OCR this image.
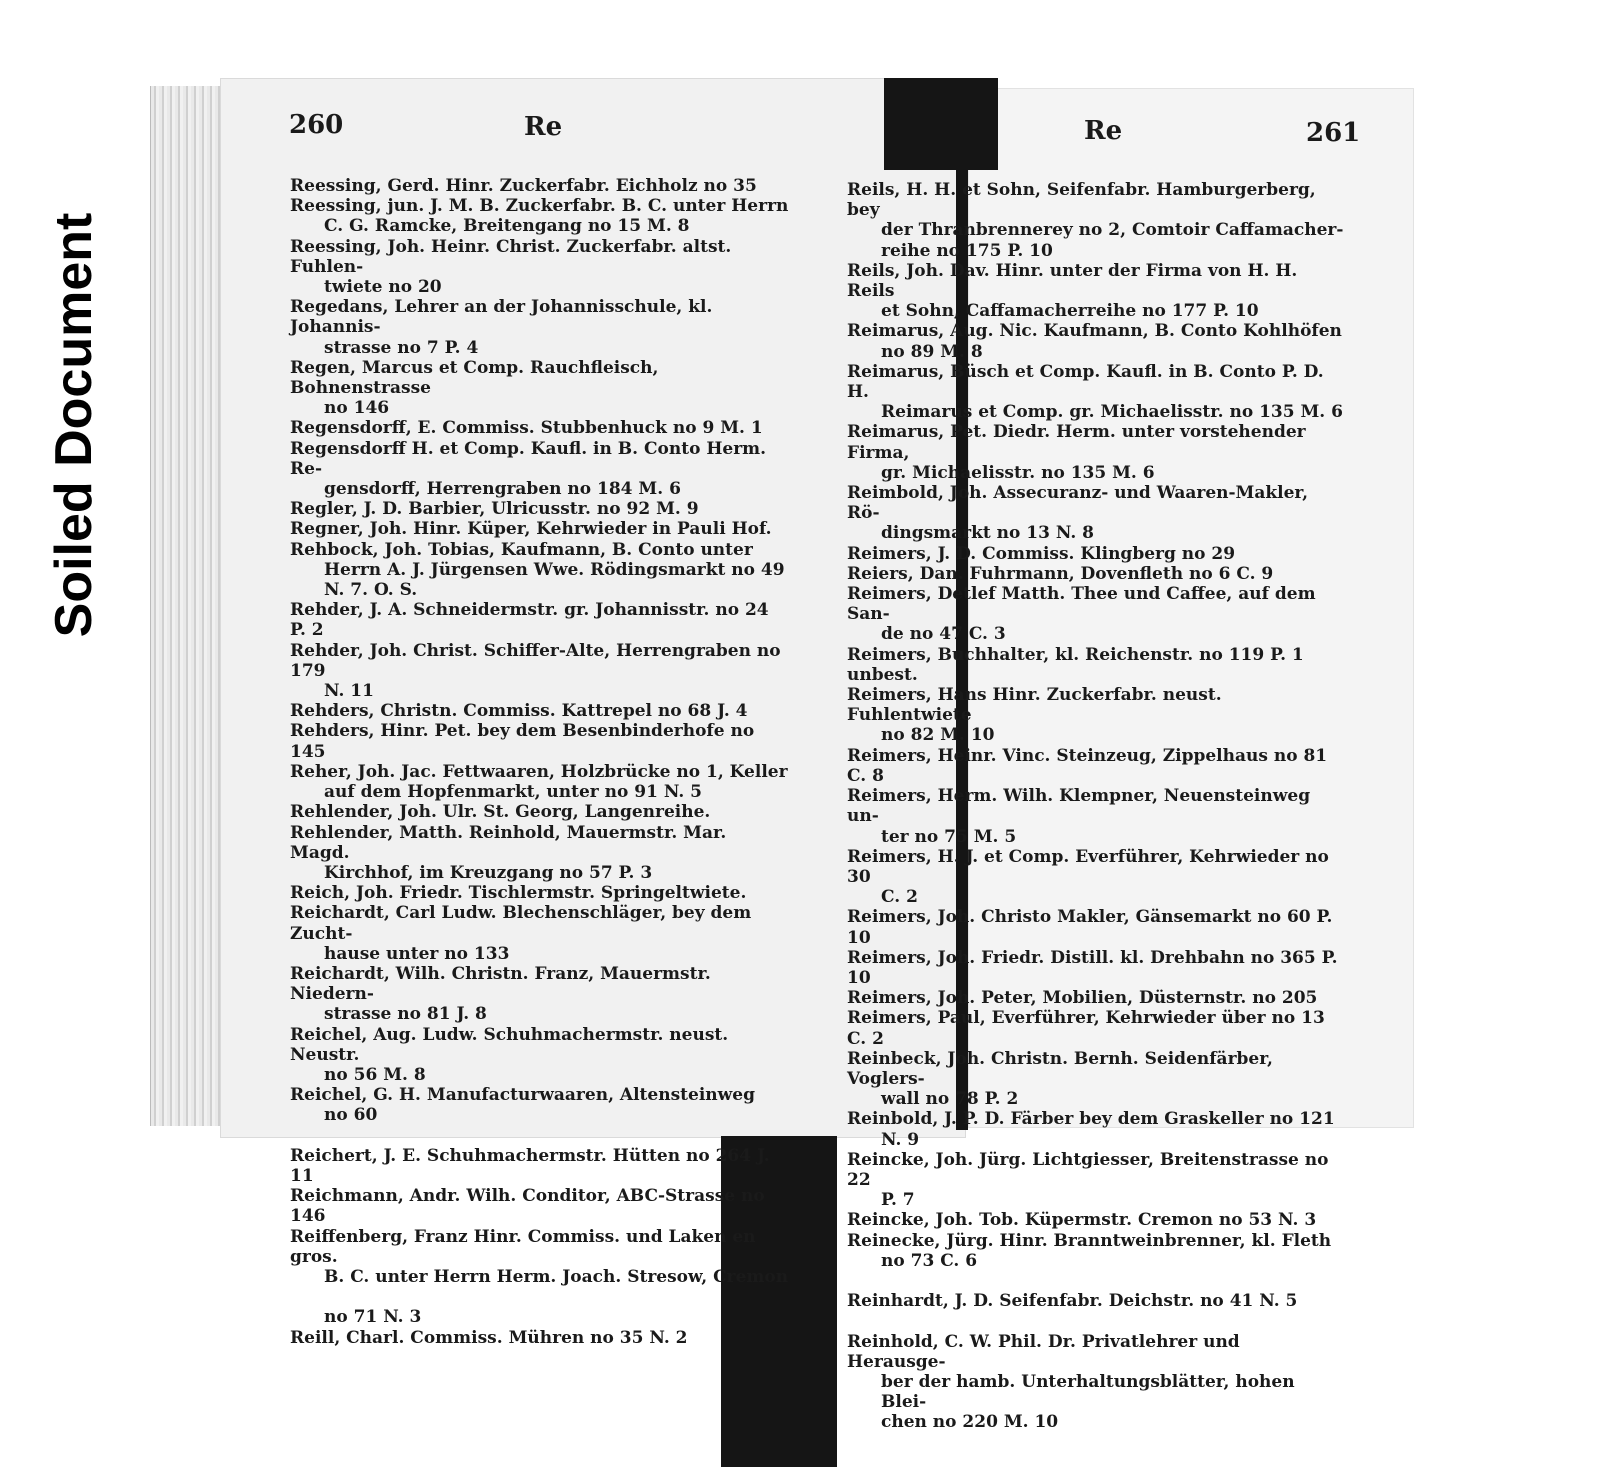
Soiled Document
260	Re	Re	261

Reessing, Gerd. Hinr. Zuckerfabr. Eichholz no 35

Reessing, jun. J. M. B. Zuckerfabr. B. C. unter Herrn

C. G. Ramcke, Breitengang no 15 M. 8

Reessing, Joh. Heinr. Christ. Zuckerfabr. altst. Fuhlen-

twiete no 20

Regedans, Lehrer an der Johannisschule, kl. Johannis-

strasse no 7 P. 4

Regen, Marcus et Comp. Rauchfleisch, Bohnenstrasse

no 146

Regensdorff, E. Commiss. Stubbenhuck no 9 M. 1

Regensdorff H. et Comp. Kaufl. in B. Conto Herm. Re-

gensdorff, Herrengraben no 184 M. 6

Regler, J. D. Barbier, Ulricusstr. no 92 M. 9

Regner, Joh. Hinr. Küper, Kehrwieder in Pauli Hof.

Rehbock, Joh. Tobias, Kaufmann, B. Conto unter

Herrn A. J. Jürgensen Wwe. Rödingsmarkt no 49

N. 7. O. S.

Rehder, J. A. Schneidermstr. gr. Johannisstr. no 24 P. 2

Rehder, Joh. Christ. Schiffer-Alte, Herrengraben no 179

N. 11

Rehders, Christn. Commiss. Kattrepel no 68 J. 4

Rehders, Hinr. Pet. bey dem Besenbinderhofe no 145

Reher, Joh. Jac. Fettwaaren, Holzbrücke no 1, Keller

auf dem Hopfenmarkt, unter no 91 N. 5

Rehlender, Joh. Ulr. St. Georg, Langenreihe.

Rehlender, Matth. Reinhold, Mauermstr. Mar. Magd.

Kirchhof, im Kreuzgang no 57 P. 3

Reich, Joh. Friedr. Tischlermstr. Springeltwiete.

Reichardt, Carl Ludw. Blechenschläger, bey dem Zucht-

hause unter no 133

Reichardt, Wilh. Christn. Franz, Mauermstr. Niedern-

strasse no 81 J. 8

Reichel, Aug. Ludw. Schuhmachermstr. neust. Neustr.

no 56 M. 8

Reichel, G. H. Manufacturwaaren, Altensteinweg

no 60

Reichert, J. E. Schuhmachermstr. Hütten no 264 J. 11

Reichmann, Andr. Wilh. Conditor, ABC-Strasse no 146

Reiffenberg, Franz Hinr. Commiss. und Laken en gros.

B. C. unter Herrn Herm. Joach. Stresow, Cremon

no 71 N. 3

Reill, Charl. Commiss. Mühren no 35 N. 2

Reils, H. H. et Sohn, Seifenfabr. Hamburgerberg, bey

der Thranbrennerey no 2, Comtoir Caffamacher-

reihe no 175 P. 10

Reils, Joh. Dav. Hinr. unter der Firma von H. H. Reils

et Sohn, Caffamacherreihe no 177 P. 10

Reimarus, Aug. Nic. Kaufmann, B. Conto Kohlhöfen

no 89 M. 8

Reimarus, Büsch et Comp. Kaufl. in B. Conto P. D. H.

Reimarus et Comp. gr. Michaelisstr. no 135 M. 6

Reimarus, Pet. Diedr. Herm. unter vorstehender Firma,

gr. Michaelisstr. no 135 M. 6

Reimbold, Joh. Assecuranz- und Waaren-Makler, Rö-

dingsmarkt no 13 N. 8

Reimers, J. D. Commiss. Klingberg no 29

Reiers, Dan. Fuhrmann, Dovenfleth no 6 C. 9

Reimers, Detlef Matth. Thee und Caffee, auf dem San-

de no 47 C. 3

Reimers, Buchhalter, kl. Reichenstr. no 119 P. 1 unbest.

Reimers, Hans Hinr. Zuckerfabr. neust. Fuhlentwiete

no 82 M. 10

Reimers, Heinr. Vinc. Steinzeug, Zippelhaus no 81 C. 8

Reimers, Herm. Wilh. Klempner, Neuensteinweg un-

ter no 75 M. 5

Reimers, H. J. et Comp. Everführer, Kehrwieder no 30

C. 2

Reimers, Joh. Christo Makler, Gänsemarkt no 60 P. 10

Reimers, Joh. Friedr. Distill. kl. Drehbahn no 365 P. 10

Reimers, Joh. Peter, Mobilien, Düsternstr. no 205

Reimers, Paul, Everführer, Kehrwieder über no 13 C. 2

Reinbeck, Joh. Christn. Bernh. Seidenfärber, Voglers-

wall no 78 P. 2

Reinbold, J. P. D. Färber bey dem Graskeller no 121

N. 9

Reincke, Joh. Jürg. Lichtgiesser, Breitenstrasse no 22

P. 7

Reincke, Joh. Tob. Küpermstr. Cremon no 53 N. 3

Reinecke, Jürg. Hinr. Branntweinbrenner, kl. Fleth

no 73 C. 6

Reinhardt, J. D. Seifenfabr. Deichstr. no 41 N. 5

Reinhold, C. W. Phil. Dr. Privatlehrer und Herausge-

ber der hamb. Unterhaltungsblätter, hohen Blei-

chen no 220 M. 10
